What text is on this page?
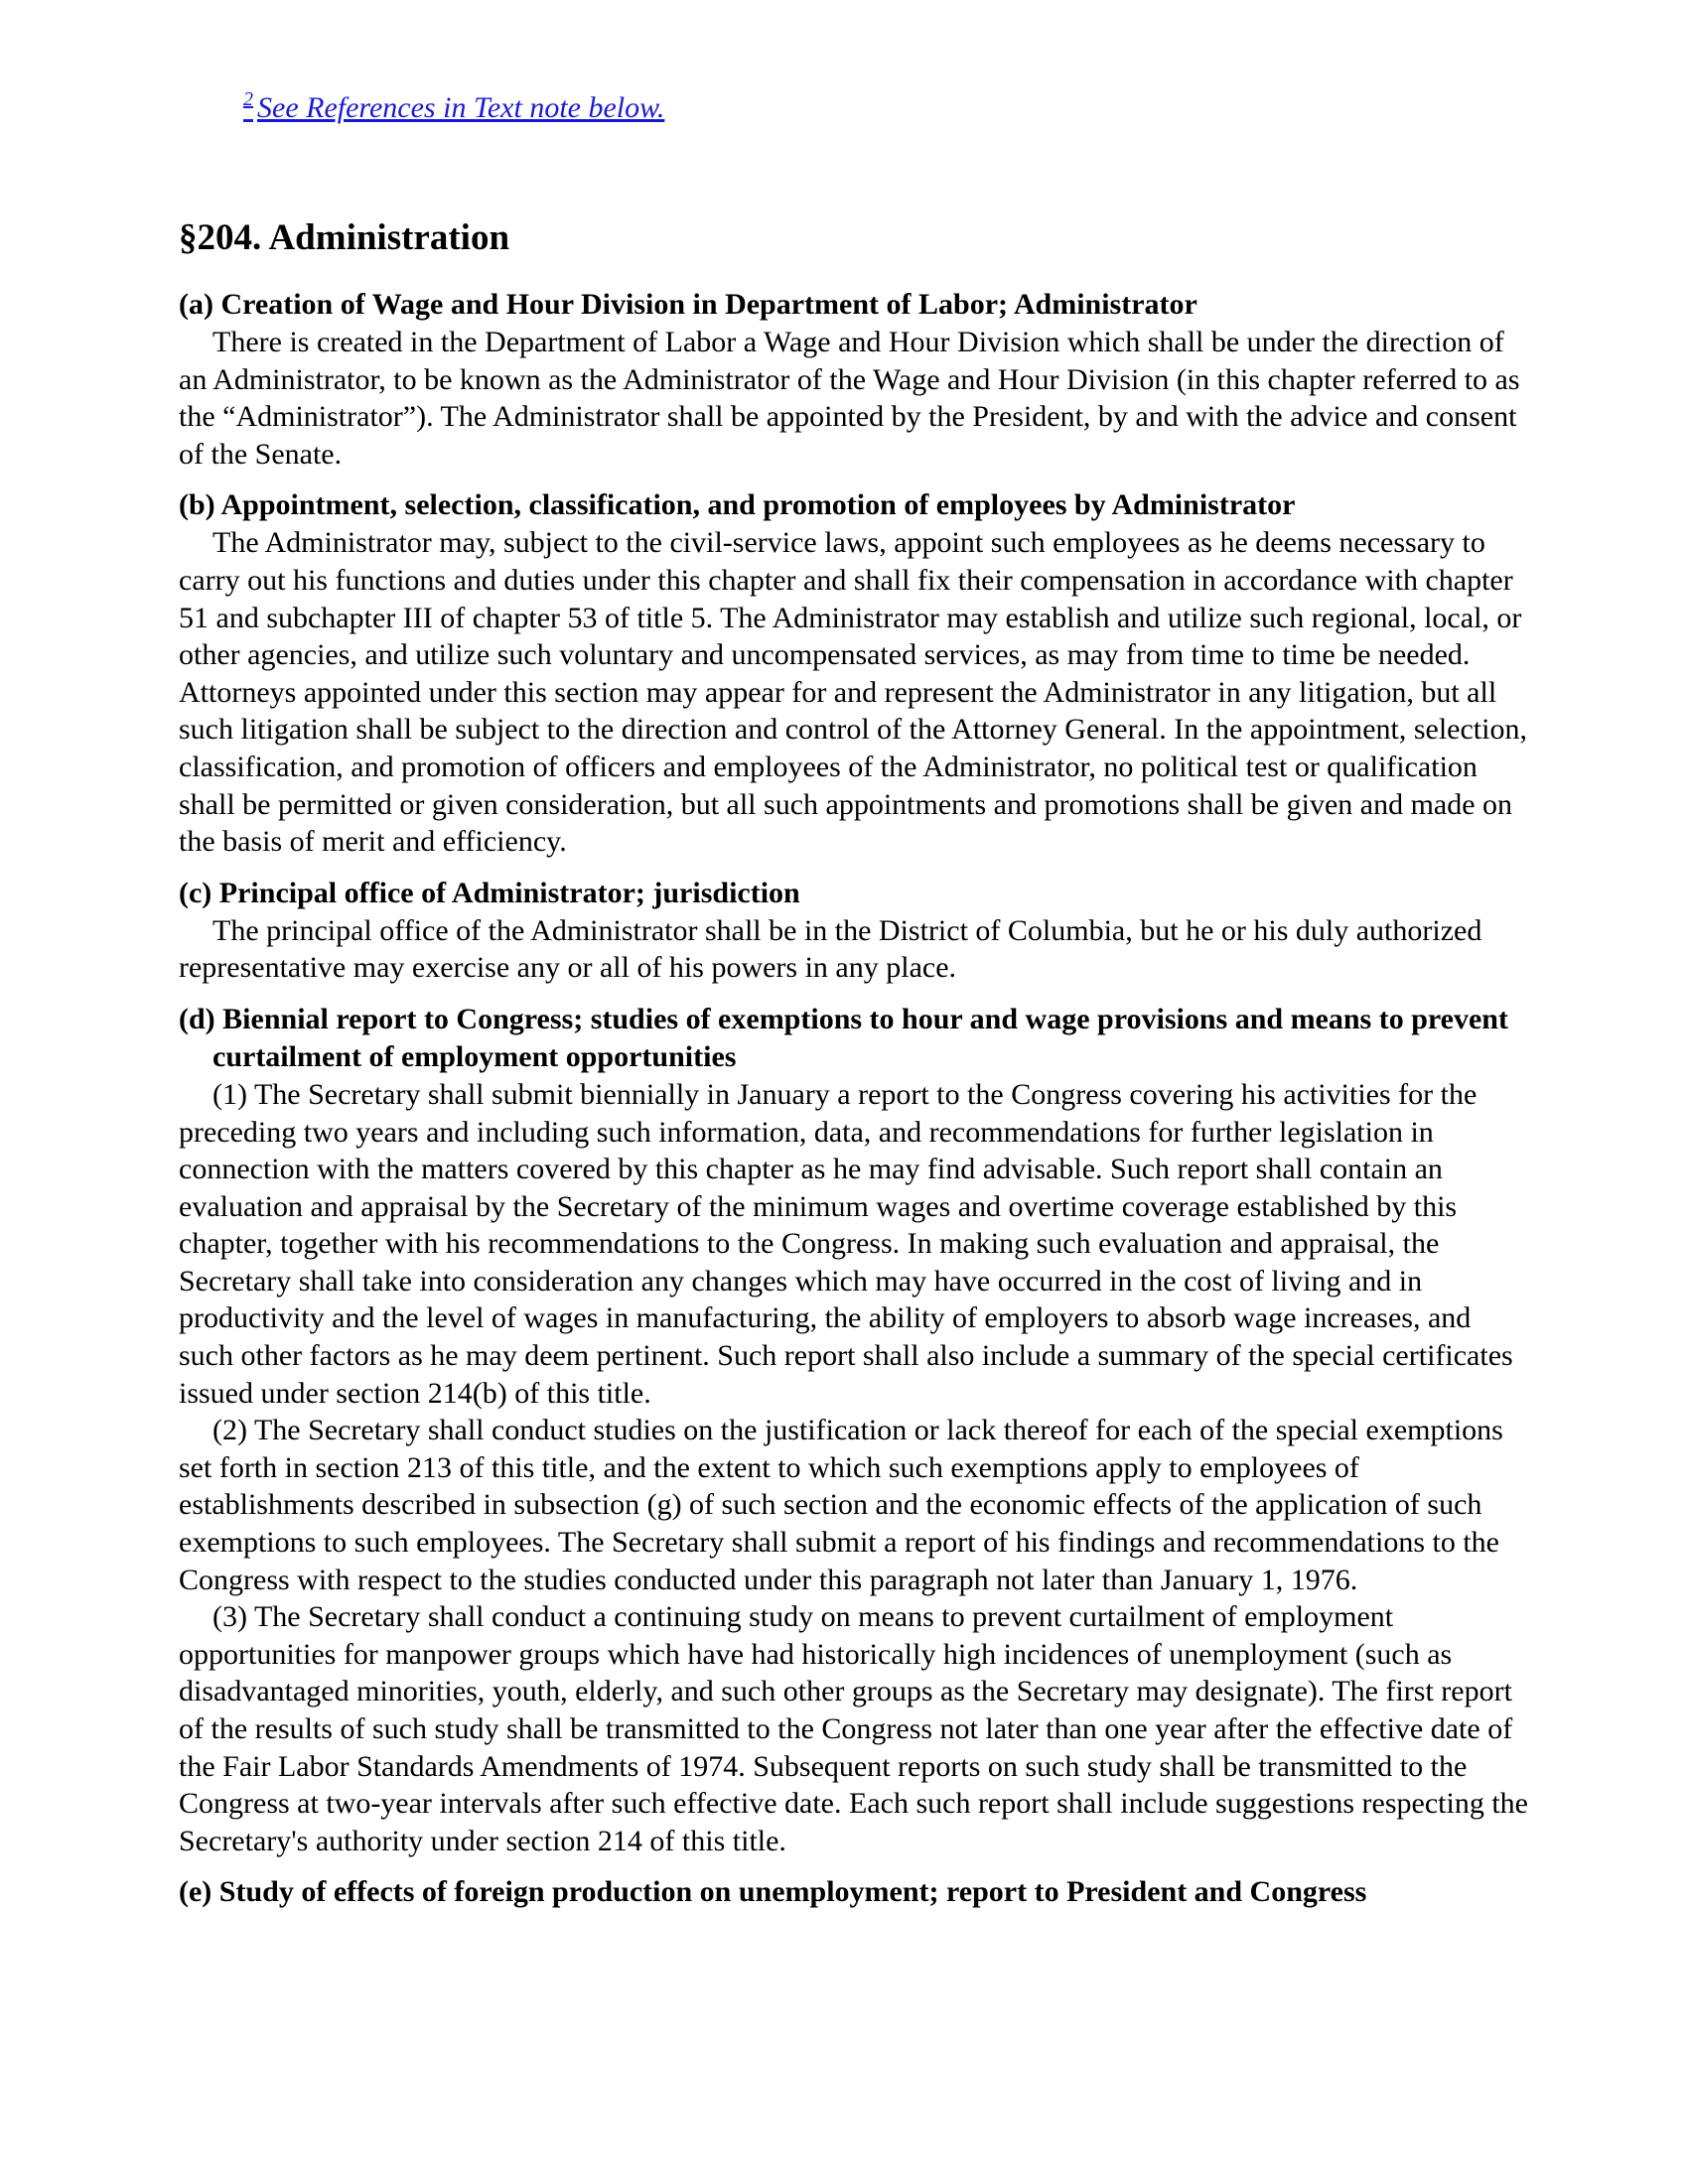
$^2$ See References in Text note below.
§204. Administration
(a) Creation of Wage and Hour Division in Department of Labor; Administrator

There is created in the Department of Labor a Wage and Hour Division which shall be under the direction of an Administrator, to be known as the Administrator of the Wage and Hour Division (in this chapter referred to as the “Administrator”). The Administrator shall be appointed by the President, by and with the advice and consent of the Senate.

(b) Appointment, selection, classification, and promotion of employees by Administrator

The Administrator may, subject to the civil-service laws, appoint such employees as he deems necessary to carry out his functions and duties under this chapter and shall fix their compensation in accordance with chapter 51 and subchapter III of chapter 53 of title 5. The Administrator may establish and utilize such regional, local, or other agencies, and utilize such voluntary and uncompensated services, as may from time to time be needed. Attorneys appointed under this section may appear for and represent the Administrator in any litigation, but all such litigation shall be subject to the direction and control of the Attorney General. In the appointment, selection, classification, and promotion of officers and employees of the Administrator, no political test or qualification shall be permitted or given consideration, but all such appointments and promotions shall be given and made on the basis of merit and efficiency.

(c) Principal office of Administrator; jurisdiction

The principal office of the Administrator shall be in the District of Columbia, but he or his duly authorized representative may exercise any or all of his powers in any place.

(d) Biennial report to Congress; studies of exemptions to hour and wage provisions and means to prevent curtailment of employment opportunities

(1) The Secretary shall submit biennially in January a report to the Congress covering his activities for the preceding two years and including such information, data, and recommendations for further legislation in connection with the matters covered by this chapter as he may find advisable. Such report shall contain an evaluation and appraisal by the Secretary of the minimum wages and overtime coverage established by this chapter, together with his recommendations to the Congress. In making such evaluation and appraisal, the Secretary shall take into consideration any changes which may have occurred in the cost of living and in productivity and the level of wages in manufacturing, the ability of employers to absorb wage increases, and such other factors as he may deem pertinent. Such report shall also include a summary of the special certificates issued under section 214(b) of this title.

(2) The Secretary shall conduct studies on the justification or lack thereof for each of the special exemptions set forth in section 213 of this title, and the extent to which such exemptions apply to employees of establishments described in subsection (g) of such section and the economic effects of the application of such exemptions to such employees. The Secretary shall submit a report of his findings and recommendations to the Congress with respect to the studies conducted under this paragraph not later than January 1, 1976.

(3) The Secretary shall conduct a continuing study on means to prevent curtailment of employment opportunities for manpower groups which have had historically high incidences of unemployment (such as disadvantaged minorities, youth, elderly, and such other groups as the Secretary may designate). The first report of the results of such study shall be transmitted to the Congress not later than one year after the effective date of the Fair Labor Standards Amendments of 1974. Subsequent reports on such study shall be transmitted to the Congress at two-year intervals after such effective date. Each such report shall include suggestions respecting the Secretary's authority under section 214 of this title.

(e) Study of effects of foreign production on unemployment; report to President and Congress
